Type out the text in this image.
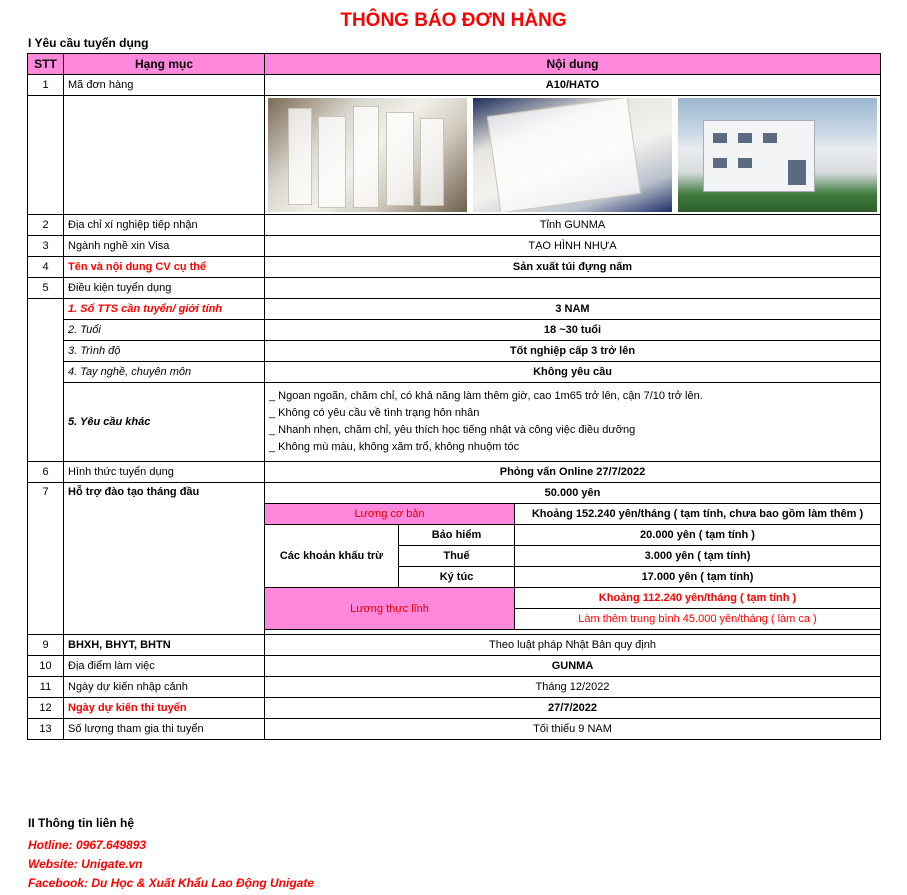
THÔNG BÁO ĐƠN HÀNG
I Yêu cầu tuyển dụng
STT	Hạng mục	Nội dung		
1	Mã đơn hàng	A10/HATO		

2	Địa chỉ xí nghiệp tiếp nhận	Tỉnh GUNMA		
3	Ngành nghề xin Visa	TẠO HÌNH NHỰA		
4	Tên và nội dung CV cụ thể	Sản xuất túi đựng nấm		
5	Điều kiện tuyển dụng			
	1. Số TTS cần tuyển/ giới tính	3 NAM		
	2. Tuổi	18 ~30 tuổi		
	3. Trình độ	Tốt nghiệp cấp 3 trở lên		
	4. Tay nghề, chuyên môn	Không yêu cầu		
	5. Yêu cầu khác	_ Ngoan ngoãn, chăm chỉ, có khả năng làm thêm giờ, cao 1m65 trở lên, cận 7/10 trở lên.
_ Không có yêu cầu về tình trạng hôn nhân
_ Nhanh nhẹn, chăm chỉ, yêu thích học tiếng nhật và công việc điều dưỡng
_ Không mù màu, không xăm trổ, không nhuộm tóc		

6	Hình thức tuyển dụng	Phỏng vấn Online 27/7/2022		
7	Hỗ trợ đào tạo tháng đầu	50.000 yên		
		Lương cơ bản		Khoảng 152.240 yên/tháng ( tạm tính, chưa bao gồm làm thêm )
		Các khoản khấu trừ	Bảo hiểm	20.000 yên ( tạm tính )
			Thuế	3.000 yên ( tạm tính)
			Ký túc	17.000 yên ( tạm tính)
		Lương thực lĩnh		Khoảng 112.240 yên/tháng ( tạm tính )
				Làm thêm trung bình 45.000 yên/tháng ( làm ca )

9	BHXH, BHYT, BHTN	Theo luật pháp Nhật Bản quy định		
10	Địa điểm làm việc	GUNMA		
11	Ngày dự kiến nhập cảnh	Tháng 12/2022		
12	Ngày dự kiến thi tuyển	27/7/2022		
13	Số lượng tham gia thi tuyển	Tối thiểu 9 NAM		
II Thông tin liên hệ
Hotline: 0967.649893
Website: Unigate.vn
Facebook: Du Học & Xuất Khẩu Lao Động Unigate
